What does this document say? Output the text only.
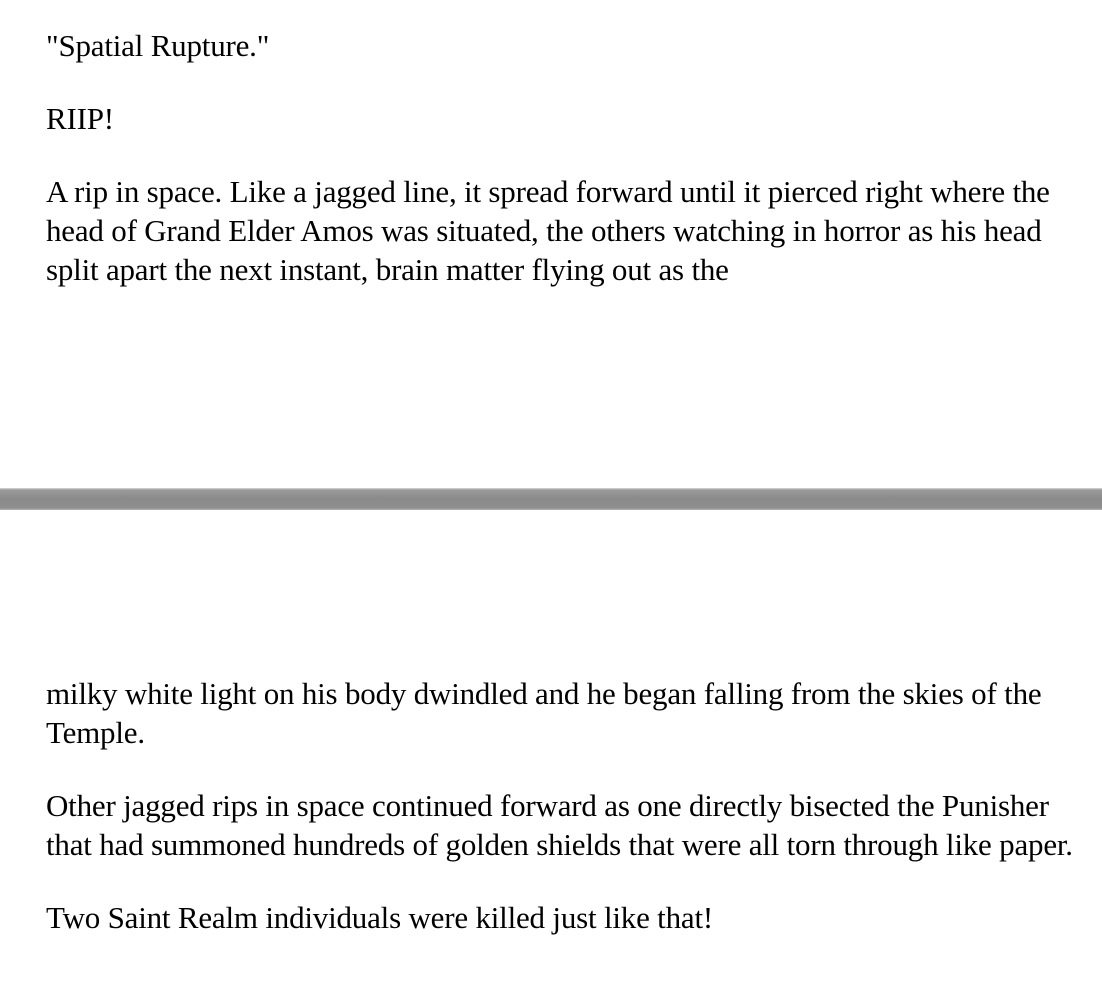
"Spatial Rupture."

RIIP!

A rip in space. Like a jagged line, it spread forward until it pierced right where the head of Grand Elder Amos was situated, the others watching in horror as his head split apart the next instant, brain matter flying out as the

milky white light on his body dwindled and he began falling from the skies of the Temple.

Other jagged rips in space continued forward as one directly bisected the Punisher that had summoned hundreds of golden shields that were all torn through like paper.

Two Saint Realm individuals were killed just like that!
